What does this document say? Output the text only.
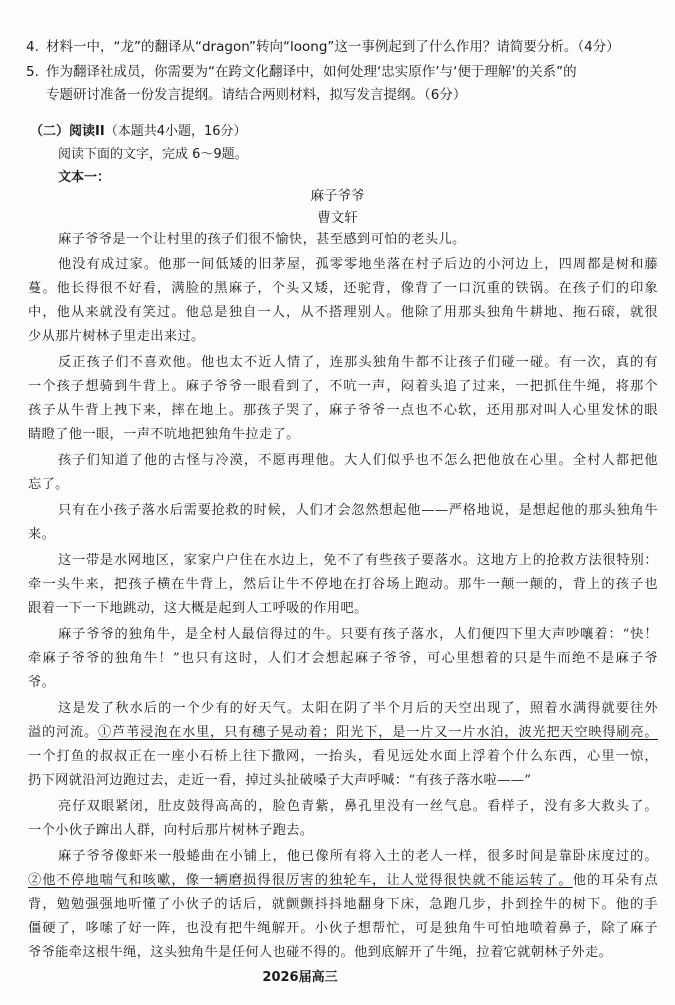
4. 材料一中，“龙”的翻译从“dragon”转向“loong”这一事例起到了什么作用？请简要分析。（4分）
5. 作为翻译社成员，你需要为“在跨文化翻译中，如何处理‘忠实原作’与‘便于理解’的关系”的
专题研讨准备一份发言提纲。请结合两则材料，拟写发言提纲。（6分）
（二）阅读II（本题共4小题，16分）
阅读下面的文字，完成 6～9题。
文本一：
麻子爷爷
曹文轩
麻子爷爷是一个让村里的孩子们很不愉快，甚至感到可怕的老头儿。
他没有成过家。他那一间低矮的旧茅屋，孤零零地坐落在村子后边的小河边上，四周都是树和藤
蔓。他长得很不好看，满脸的黑麻子，个头又矮，还驼背，像背了一口沉重的铁锅。在孩子们的印象
中，他从来就没有笑过。他总是独自一人，从不搭理别人。他除了用那头独角牛耕地、拖石磙，就很
少从那片树林子里走出来过。
反正孩子们不喜欢他。他也太不近人情了，连那头独角牛都不让孩子们碰一碰。有一次，真的有
一个孩子想骑到牛背上。麻子爷爷一眼看到了，不吭一声，闷着头追了过来，一把抓住牛绳，将那个
孩子从牛背上拽下来，摔在地上。那孩子哭了，麻子爷爷一点也不心软，还用那对叫人心里发怵的眼
睛瞪了他一眼，一声不吭地把独角牛拉走了。
孩子们知道了他的古怪与冷漠，不愿再理他。大人们似乎也不怎么把他放在心里。全村人都把他
忘了。
只有在小孩子落水后需要抢救的时候，人们才会忽然想起他——严格地说，是想起他的那头独角牛
来。
这一带是水网地区，家家户户住在水边上，免不了有些孩子要落水。这地方上的抢救方法很特别：
牵一头牛来，把孩子横在牛背上，然后让牛不停地在打谷场上跑动。那牛一颠一颠的，背上的孩子也
跟着一下一下地跳动，这大概是起到人工呼吸的作用吧。
麻子爷爷的独角牛，是全村人最信得过的牛。只要有孩子落水，人们便四下里大声吵嚷着：“快！
牵麻子爷爷的独角牛！”也只有这时，人们才会想起麻子爷爷，可心里想着的只是牛而绝不是麻子爷
爷。
这是发了秋水后的一个少有的好天气。太阳在阴了半个月后的天空出现了，照着水满得就要往外
溢的河流。①芦苇浸泡在水里，只有穗子晃动着；阳光下，是一片又一片水泊，波光把天空映得刷亮。
一个打鱼的叔叔正在一座小石桥上往下撒网，一抬头，看见远处水面上浮着个什么东西，心里一惊，
扔下网就沿河边跑过去，走近一看，掉过头扯破嗓子大声呼喊：“有孩子落水啦——”
亮仔双眼紧闭，肚皮鼓得高高的，脸色青紫，鼻孔里没有一丝气息。看样子，没有多大救头了。
一个小伙子蹿出人群，向村后那片树林子跑去。
麻子爷爷像虾米一般蜷曲在小铺上，他已像所有将入土的老人一样，很多时间是靠卧床度过的。
②他不停地喘气和咳嗽，像一辆磨损得很厉害的独轮车，让人觉得很快就不能运转了。他的耳朵有点
背，勉勉强强地听懂了小伙子的话后，就颤颤抖抖地翻身下床，急跑几步，扑到拴牛的树下。他的手
僵硬了，哆嗦了好一阵，也没有把牛绳解开。小伙子想帮忙，可是独角牛可怕地喷着鼻子，除了麻子
爷爷能牵这根牛绳，这头独角牛是任何人也碰不得的。他到底解开了牛绳，拉着它就朝林子外走。
2026届高三
